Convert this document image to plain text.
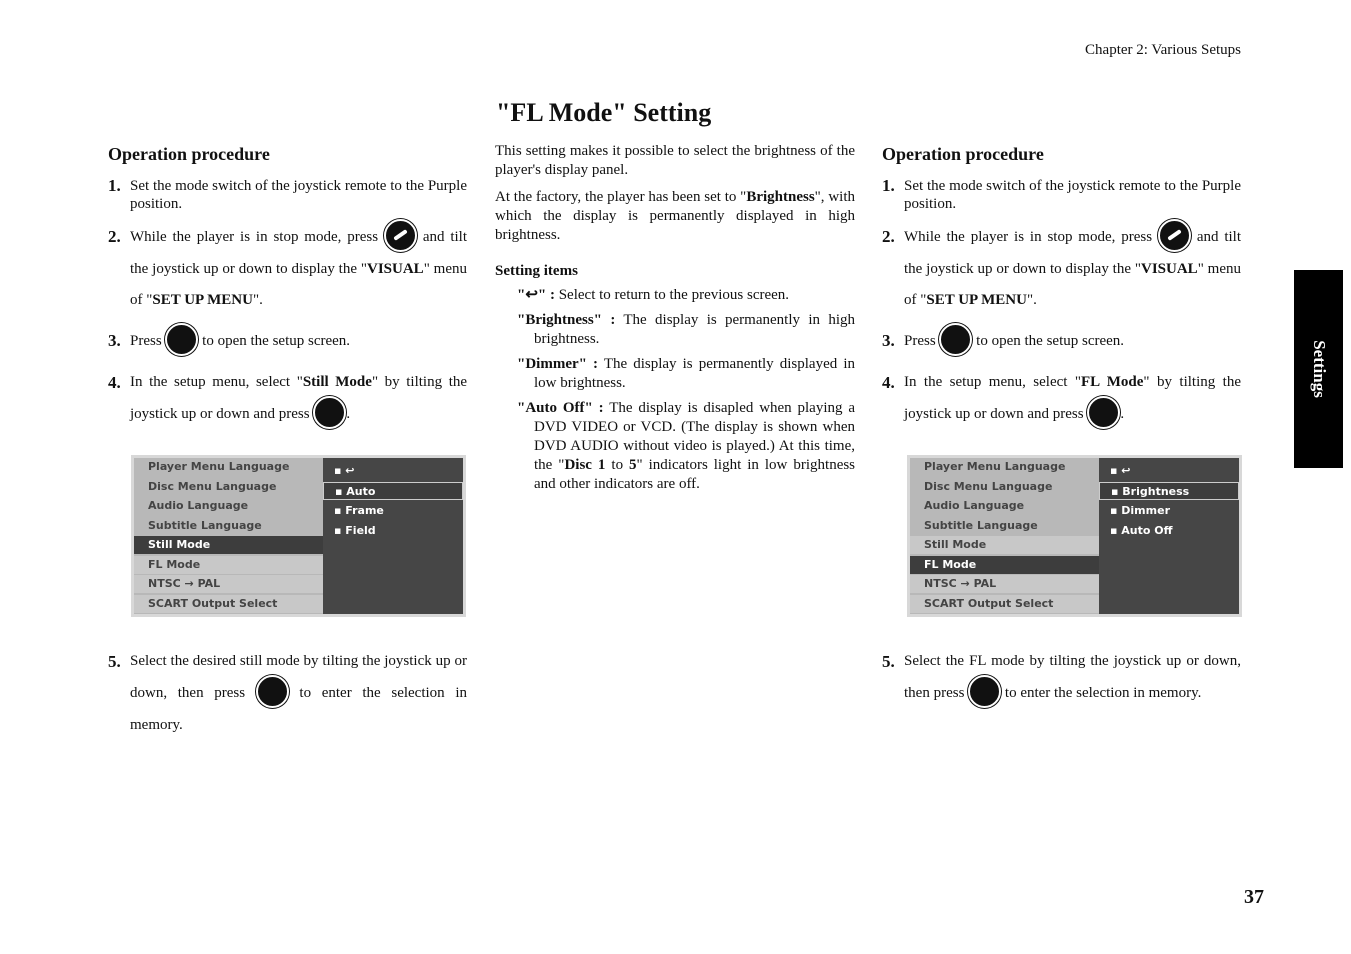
Chapter 2: Various Setups
"FL Mode" Setting
Operation procedure
1. Set the mode switch of the joystick remote to the Purple position.
2. While the player is in stop mode, press	and tilt the joystick up or down to display the "VISUAL" menu of "SET UP MENU".
3. Press	to open the setup screen.
4. In the setup menu, select "Still Mode" by tilting the joystick up or down and press .
Player Menu Language
Disc Menu Language
Audio Language
Subtitle Language
Still Mode
FL Mode
NTSC → PAL
SCART Output Select
▪ ↩
▪ Auto
▪ Frame
▪ Field
5. Select the desired still mode by tilting the joystick up or down, then press	to enter the selection in memory.

This setting makes it possible to select the brightness of the player's display panel.

At the factory, the player has been set to "Brightness", with which the display is permanently displayed in high brightness.

Setting items
"↩" : Select to return to the previous screen.
"Brightness" : The display is permanently in high brightness.
"Dimmer" : The display is permanently displayed in low brightness.
"Auto Off" : The display is disapled when playing a DVD VIDEO or VCD. (The display is shown when DVD AUDIO without video is played.) At this time, the "Disc 1 to 5" indicators light in low brightness and other indicators are off.
Operation procedure
1. Set the mode switch of the joystick remote to the Purple position.
2. While the player is in stop mode, press	and tilt the joystick up or down to display the "VISUAL" menu of "SET UP MENU".
3. Press	to open the setup screen.
4. In the setup menu, select "FL Mode" by tilting the joystick up or down and press .
Player Menu Language
Disc Menu Language
Audio Language
Subtitle Language
Still Mode
FL Mode
NTSC → PAL
SCART Output Select
▪ ↩
▪ Brightness
▪ Dimmer
▪ Auto Off
5. Select the FL mode by tilting the joystick up or down, then press	to enter the selection in memory.
Settings
37
